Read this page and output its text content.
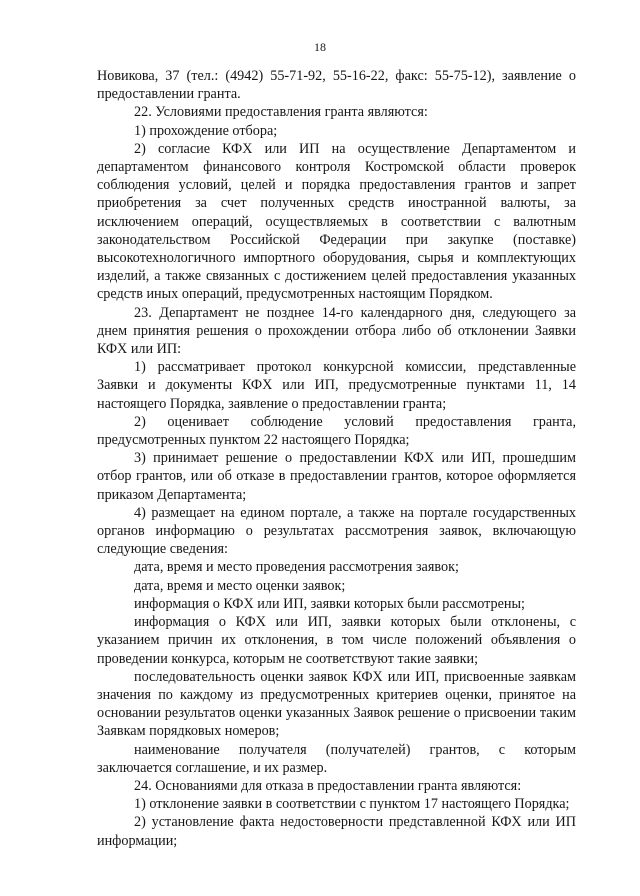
18

Новикова, 37 (тел.: (4942) 55-71-92, 55-16-22, факс: 55-75-12), заявление о предоставлении гранта.

22. Условиями предоставления гранта являются:

1) прохождение отбора;

2) согласие КФХ или ИП на осуществление Департаментом и департаментом финансового контроля Костромской области проверок соблюдения условий, целей и порядка предоставления грантов и запрет приобретения за счет полученных средств иностранной валюты, за исключением операций, осуществляемых в соответствии с валютным законодательством Российской Федерации при закупке (поставке) высокотехнологичного импортного оборудования, сырья и комплектующих изделий, а также связанных с достижением целей предоставления указанных средств иных операций, предусмотренных настоящим Порядком.

23. Департамент не позднее 14-го календарного дня, следующего за днем принятия решения о прохождении отбора либо об отклонении Заявки КФХ или ИП:

1) рассматривает протокол конкурсной комиссии, представленные Заявки и документы КФХ или ИП, предусмотренные пунктами 11, 14 настоящего Порядка, заявление о предоставлении гранта;

2) оценивает соблюдение условий предоставления гранта, предусмотренных пунктом 22 настоящего Порядка;

3) принимает решение о предоставлении КФХ или ИП, прошедшим отбор грантов, или об отказе в предоставлении грантов, которое оформляется приказом Департамента;

4) размещает на едином портале, а также на портале государственных органов информацию о результатах рассмотрения заявок, включающую следующие сведения:

дата, время и место проведения рассмотрения заявок;

дата, время и место оценки заявок;

информация о КФХ или ИП, заявки которых были рассмотрены;

информация о КФХ или ИП, заявки которых были отклонены, с указанием причин их отклонения, в том числе положений объявления о проведении конкурса, которым не соответствуют такие заявки;

последовательность оценки заявок КФХ или ИП, присвоенные заявкам значения по каждому из предусмотренных критериев оценки, принятое на основании результатов оценки указанных Заявок решение о присвоении таким Заявкам порядковых номеров;

наименование получателя (получателей) грантов, с которым заключается соглашение, и их размер.

24. Основаниями для отказа в предоставлении гранта являются:

1) отклонение заявки в соответствии с пунктом 17 настоящего Порядка;

2) установление факта недостоверности представленной КФХ или ИП информации;
